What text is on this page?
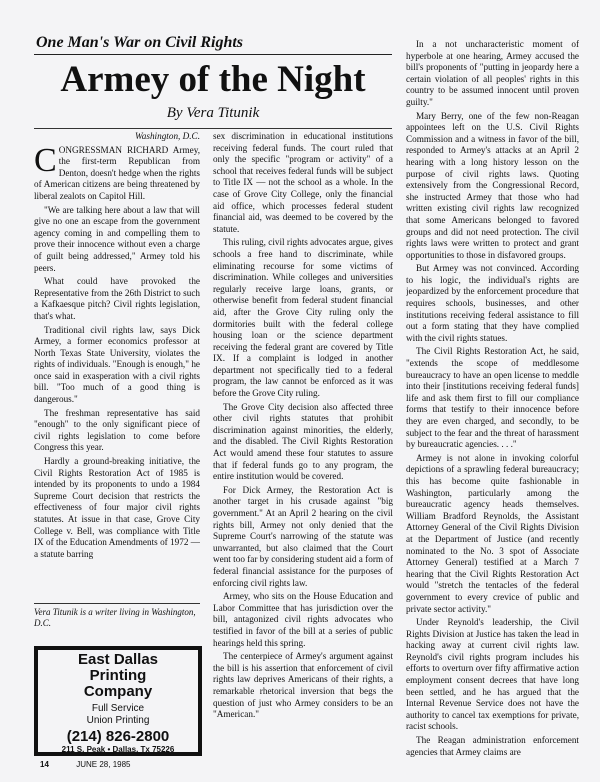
One Man's War on Civil Rights
Armey of the Night
By Vera Titunik
Washington, D.C.

CONGRESSMAN RICHARD Armey, the first-term Republican from Denton, doesn't hedge when the rights of American citizens are being threatened by liberal zealots on Capitol Hill.

"We are talking here about a law that will give no one an escape from the government agency coming in and compelling them to prove their innocence without even a charge of guilt being addressed," Armey told his peers.

What could have provoked the Representative from the 26th District to such a Kafkaesque pitch? Civil rights legislation, that's what.

Traditional civil rights law, says Dick Armey, a former economics professor at North Texas State University, violates the rights of individuals. "Enough is enough," he once said in exasperation with a civil rights bill. "Too much of a good thing is dangerous."

The freshman representative has said "enough" to the only significant piece of civil rights legislation to come before Congress this year.

Hardly a ground-breaking initiative, the Civil Rights Restoration Act of 1985 is intended by its proponents to undo a 1984 Supreme Court decision that restricts the effectiveness of four major civil rights statutes. At issue in that case, Grove City College v. Bell, was compliance with Title IX of the Education Amendments of 1972 — a statute barring

Vera Titunik is a writer living in Washington, D.C.
East Dallas
Printing
Company
Full Service
Union Printing
(214) 826-2800
211 S. Peak • Dallas, Tx 75226

sex discrimination in educational institutions receiving federal funds. The court ruled that only the specific "program or activity" of a school that receives federal funds will be subject to Title IX — not the school as a whole. In the case of Grove City College, only the financial aid office, which processes federal student financial aid, was deemed to be covered by the statute.

This ruling, civil rights advocates argue, gives schools a free hand to discriminate, while eliminating recourse for some victims of discrimination. While colleges and universities regularly receive large loans, grants, or otherwise benefit from federal student financial aid, after the Grove City ruling only the dormitories built with the federal college housing loan or the science department receiving the federal grant are covered by Title IX. If a complaint is lodged in another department not specifically tied to a federal program, the law cannot be enforced as it was before the Grove City ruling.

The Grove City decision also affected three other civil rights statutes that prohibit discrimination against minorities, the elderly, and the disabled. The Civil Rights Restoration Act would amend these four statutes to assure that if federal funds go to any program, the entire institution would be covered.

For Dick Armey, the Restoration Act is another target in his crusade against "big government." At an April 2 hearing on the civil rights bill, Armey not only denied that the Supreme Court's narrowing of the statute was unwarranted, but also claimed that the Court went too far by considering student aid a form of federal financial assistance for the purposes of enforcing civil rights law.

Armey, who sits on the House Education and Labor Committee that has jurisdiction over the bill, antagonized civil rights advocates who testified in favor of the bill at a series of public hearings held this spring.

The centerpiece of Armey's argument against the bill is his assertion that enforcement of civil rights law deprives Americans of their rights, a remarkable rhetorical inversion that begs the question of just who Armey considers to be an "American."

In a not uncharacteristic moment of hyperbole at one hearing, Armey accused the bill's proponents of "putting in jeopardy here a certain violation of all peoples' rights in this country to be assumed innocent until proven guilty."

Mary Berry, one of the few non-Reagan appointees left on the U.S. Civil Rights Commission and a witness in favor of the bill, responded to Armey's attacks at an April 2 hearing with a long history lesson on the purpose of civil rights laws. Quoting extensively from the Congressional Record, she instructed Armey that those who had written existing civil rights law recognized that some Americans belonged to favored groups and did not need protection. The civil rights laws were written to protect and grant opportunities to those in disfavored groups.

But Armey was not convinced. According to his logic, the individual's rights are jeopardized by the enforcement procedure that requires schools, businesses, and other institutions receiving federal assistance to fill out a form stating that they have complied with the civil rights statues.

The Civil Rights Restoration Act, he said, "extends the scope of meddlesome bureaucracy to have an open license to meddle into their [institutions receiving federal funds] life and ask them first to fill our compliance forms that testify to their innocence before they are even charged, and secondly, to be subject to the fear and the threat of harassment by bureaucratic agencies. . . ."

Armey is not alone in invoking colorful depictions of a sprawling federal bureaucracy; this has become quite fashionable in Washington, particularly among the bureaucratic agency heads themselves. William Bradford Reynolds, the Assistant Attorney General of the Civil Rights Division at the Department of Justice (and recently nominated to the No. 3 spot of Associate Attorney General) testified at a March 7 hearing that the Civil Rights Restoration Act would "stretch the tentacles of the federal government to every crevice of public and private sector activity."

Under Reynold's leadership, the Civil Rights Division at Justice has taken the lead in hacking away at current civil rights law. Reynold's civil rights program includes his efforts to overturn over fifty affirmative action employment consent decrees that have long been settled, and he has argued that the Internal Revenue Service does not have the authority to cancel tax exemptions for private, racist schools.

The Reagan administration enforcement agencies that Armey claims are

14	JUNE 28, 1985
